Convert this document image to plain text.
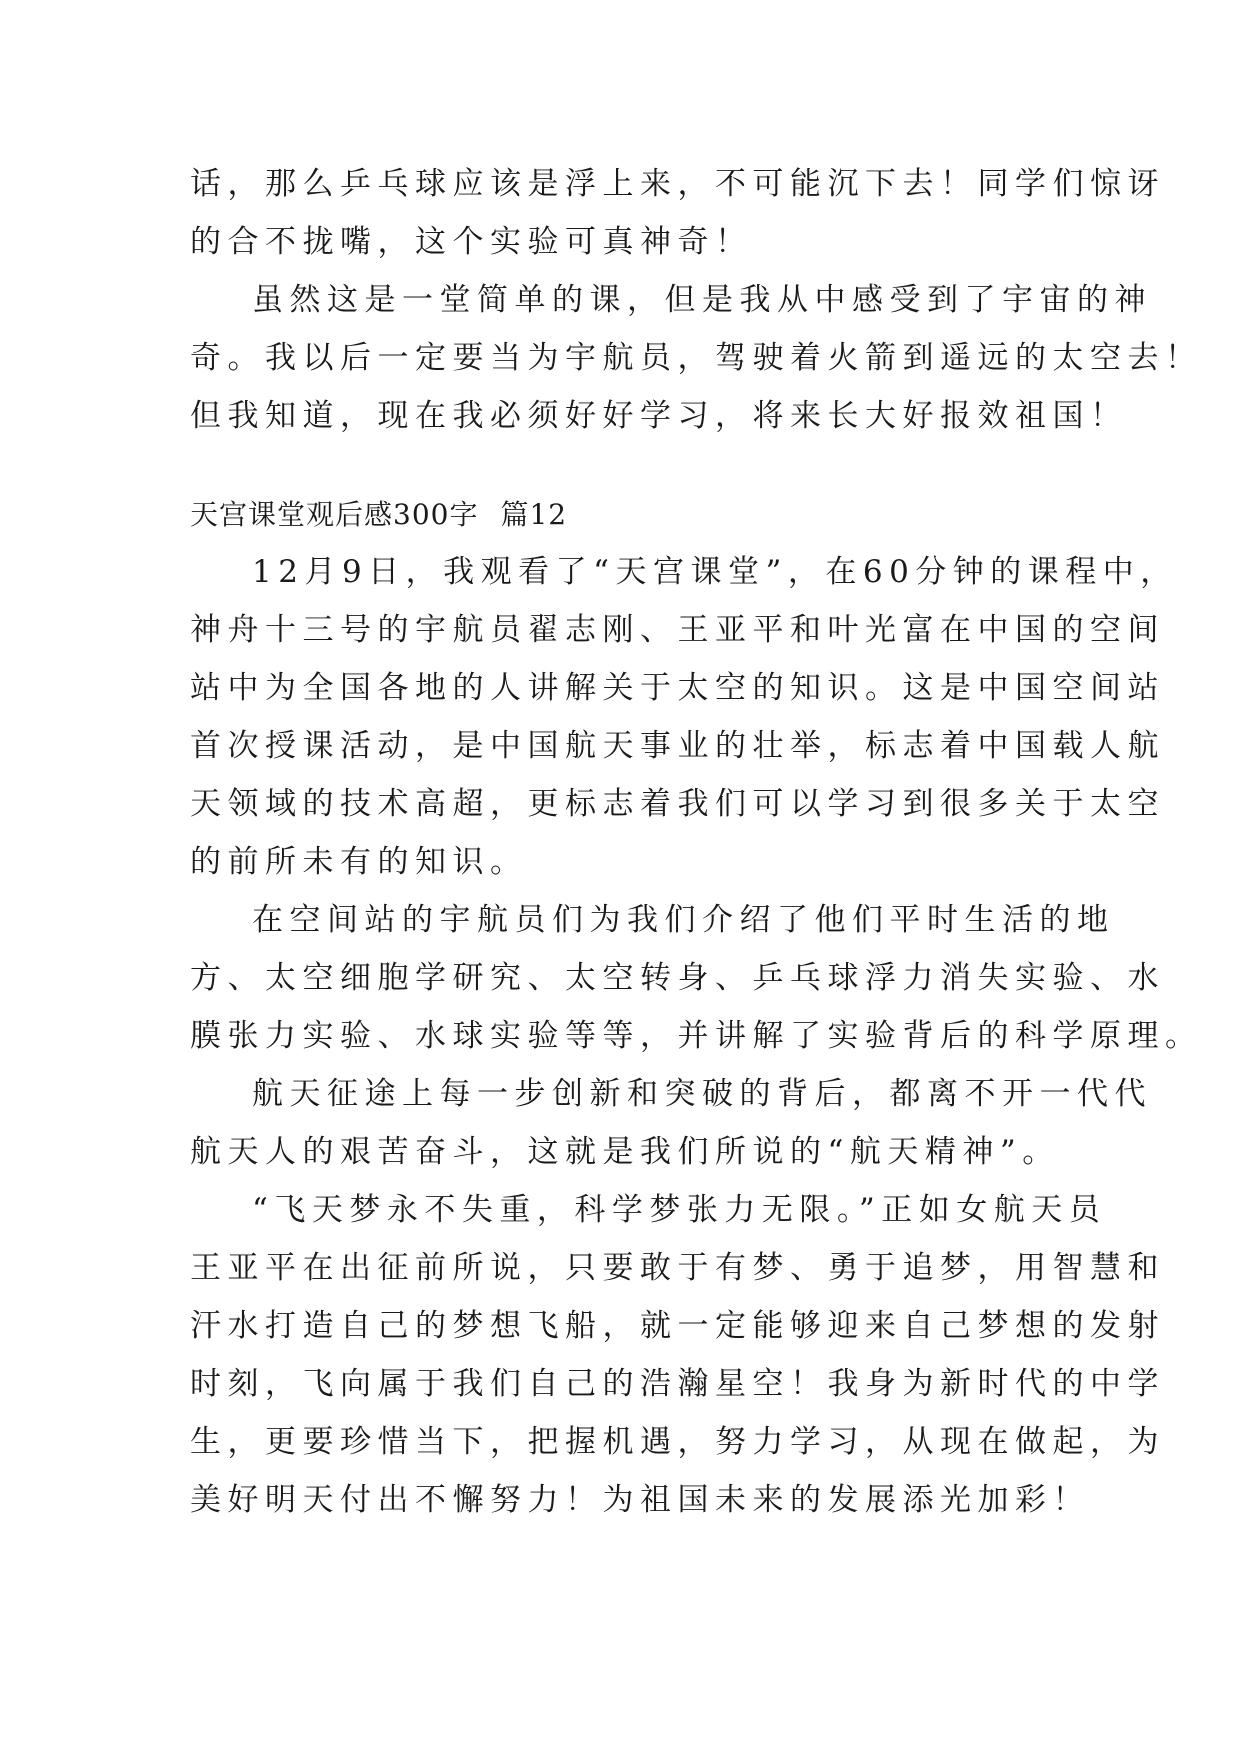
话，那么乒乓球应该是浮上来，不可能沉下去！同学们惊讶
的合不拢嘴，这个实验可真神奇！
虽然这是一堂简单的课，但是我从中感受到了宇宙的神
奇。我以后一定要当为宇航员，驾驶着火箭到遥远的太空去！
但我知道，现在我必须好好学习，将来长大好报效祖国！
天宫课堂观后感300字 篇12
12月9日，我观看了“天宫课堂”，在60分钟的课程中，
神舟十三号的宇航员翟志刚、王亚平和叶光富在中国的空间
站中为全国各地的人讲解关于太空的知识。这是中国空间站
首次授课活动，是中国航天事业的壮举，标志着中国载人航
天领域的技术高超，更标志着我们可以学习到很多关于太空
的前所未有的知识。
在空间站的宇航员们为我们介绍了他们平时生活的地
方、太空细胞学研究、太空转身、乒乓球浮力消失实验、水
膜张力实验、水球实验等等，并讲解了实验背后的科学原理。
航天征途上每一步创新和突破的背后，都离不开一代代
航天人的艰苦奋斗，这就是我们所说的“航天精神”。
“飞天梦永不失重，科学梦张力无限。”正如女航天员
王亚平在出征前所说，只要敢于有梦、勇于追梦，用智慧和
汗水打造自己的梦想飞船，就一定能够迎来自己梦想的发射
时刻，飞向属于我们自己的浩瀚星空！我身为新时代的中学
生，更要珍惜当下，把握机遇，努力学习，从现在做起，为
美好明天付出不懈努力！为祖国未来的发展添光加彩！
